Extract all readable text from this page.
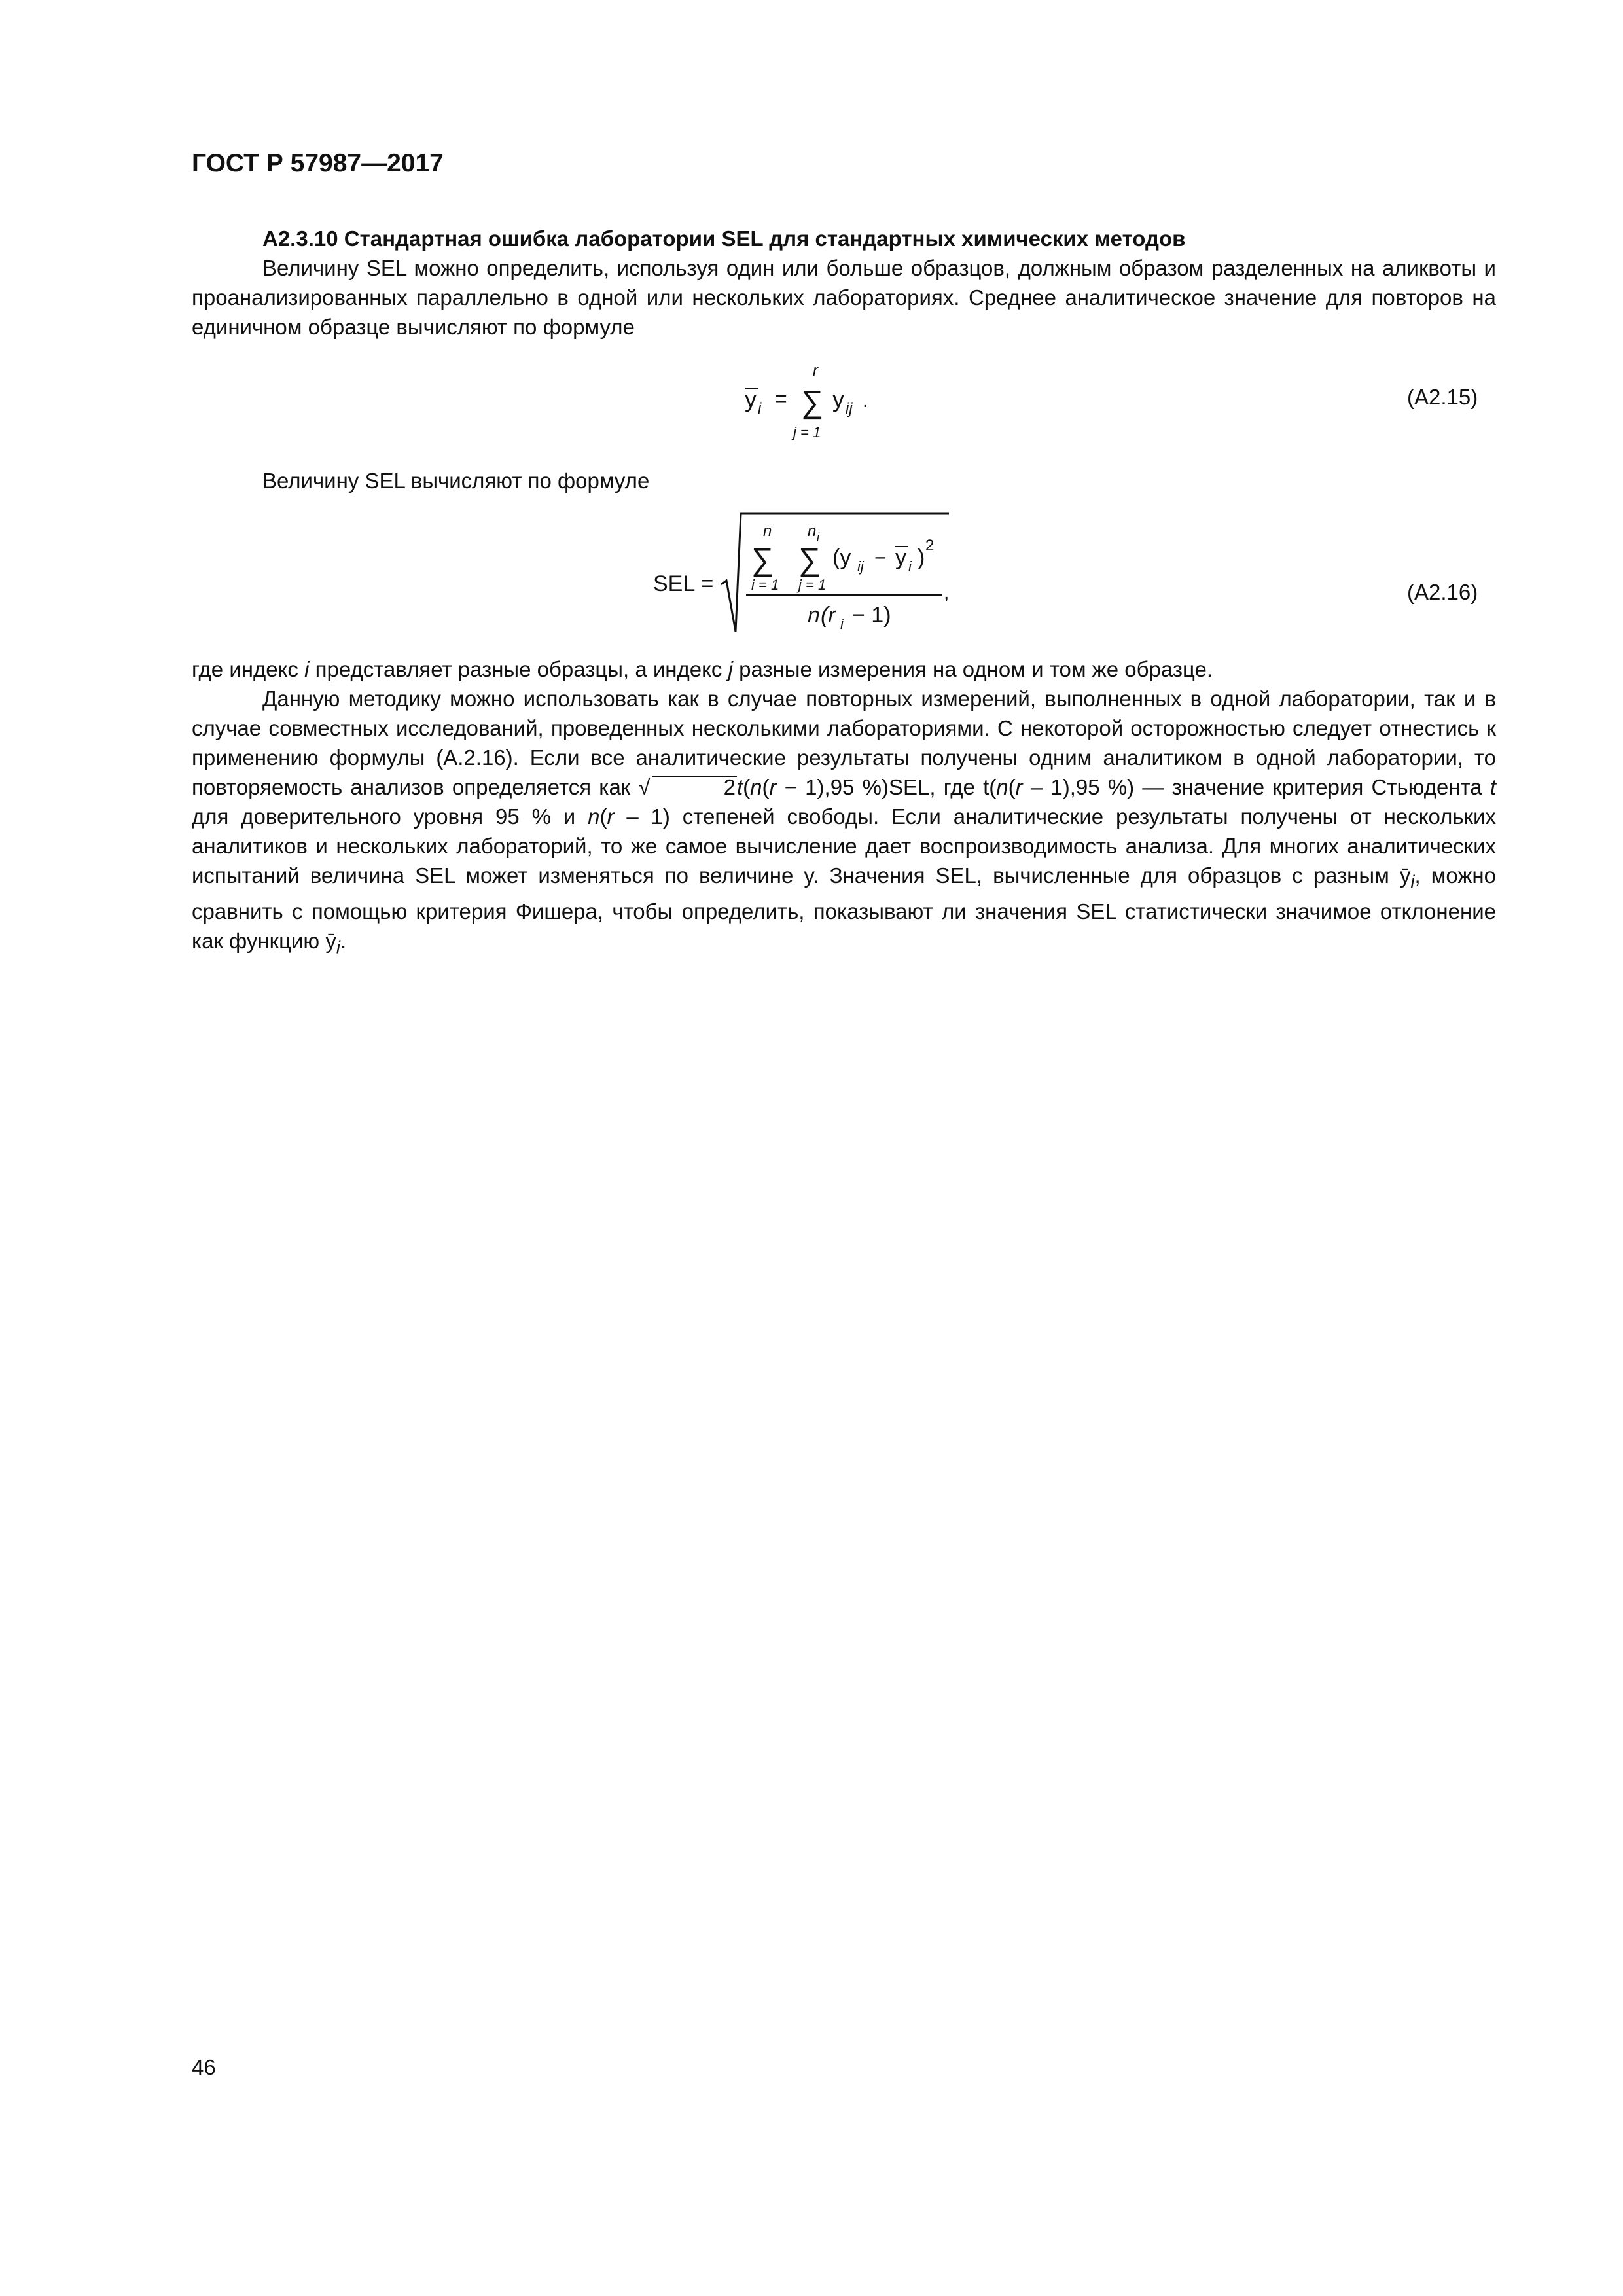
ГОСТ Р 57987—2017
А2.3.10 Стандартная ошибка лаборатории SEL для стандартных химических методов
Величину SEL можно определить, используя один или больше образцов, должным образом разделенных на аликвоты и проанализированных параллельно в одной или нескольких лабораториях. Среднее аналитическое значение для повторов на единичном образце вычисляют по формуле
y i =
r
∑
j = 1
y ij .	(А2.15)
Величину SEL вычисляют по формуле
SEL =
n
∑
i = 1
n i
∑
j = 1
(y ij − y i ) 2
n (r i − 1)
,	(А2.16)
где индекс i представляет разные образцы, а индекс j разные измерения на одном и том же образце.
Данную методику можно использовать как в случае повторных измерений, выполненных в одной лаборатории, так и в случае совместных исследований, проведенных несколькими лабораториями. С некоторой осторожностью следует отнестись к применению формулы (А.2.16). Если все аналитические результаты получены одним аналитиком в одной лаборатории, то повторяемость анализов определяется как √	2t(n(r − 1),95 %)SEL, где t(n(r – 1),95 %) — значение критерия Стьюдента t для доверительного уровня 95 % и n(r – 1) степеней свободы. Если аналитические результаты получены от нескольких аналитиков и нескольких лабораторий, то же самое вычисление дает воспроизводимость анализа. Для многих аналитических испытаний величина SEL может изменяться по величине y. Значения SEL, вычисленные для образцов с разным $ȳ_i$, можно сравнить с помощью критерия Фишера, чтобы определить, показывают ли значения SEL статистически значимое отклонение как функцию $ȳ_i$.
46
